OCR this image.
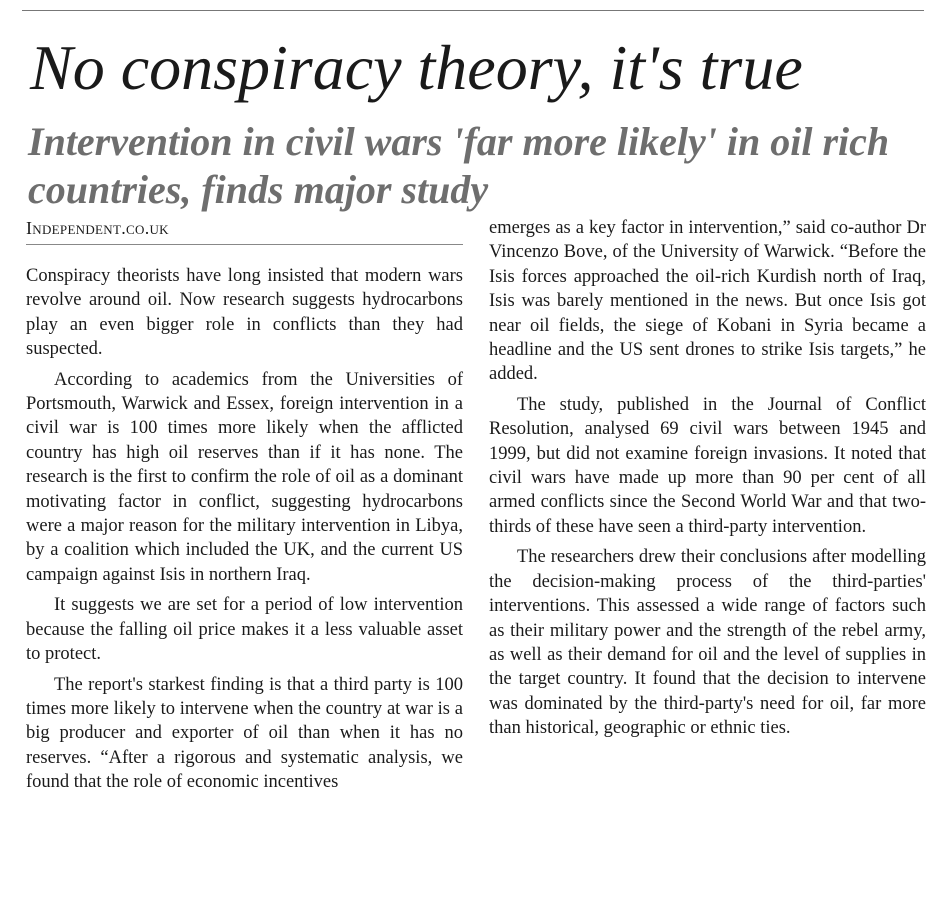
No conspiracy theory, it's true
Intervention in civil wars 'far more likely' in oil rich countries, finds major study
Independent.co.uk

Conspiracy theorists have long insisted that modern wars revolve around oil. Now research suggests hydrocarbons play an even bigger role in conflicts than they had suspected.

According to academics from the Universities of Portsmouth, Warwick and Essex, foreign intervention in a civil war is 100 times more likely when the afflicted country has high oil reserves than if it has none. The research is the first to confirm the role of oil as a dominant motivating factor in conflict, suggesting hydrocarbons were a major reason for the military intervention in Libya, by a coalition which included the UK, and the current US campaign against Isis in northern Iraq.

It suggests we are set for a period of low intervention because the falling oil price makes it a less valuable asset to protect.

The report's starkest finding is that a third party is 100 times more likely to intervene when the country at war is a big producer and exporter of oil than when it has no reserves. “After a rigorous and systematic analysis, we found that the role of economic incentives

emerges as a key factor in intervention,” said co-author Dr Vincenzo Bove, of the University of Warwick. “Before the Isis forces approached the oil-rich Kurdish north of Iraq, Isis was barely mentioned in the news. But once Isis got near oil fields, the siege of Kobani in Syria became a headline and the US sent drones to strike Isis targets,” he added.

The study, published in the Journal of Conflict Resolution, analysed 69 civil wars between 1945 and 1999, but did not examine foreign invasions. It noted that civil wars have made up more than 90 per cent of all armed conflicts since the Second World War and that two-thirds of these have seen a third-party intervention.

The researchers drew their conclusions after modelling the decision-making process of the third-parties' interventions. This assessed a wide range of factors such as their military power and the strength of the rebel army, as well as their demand for oil and the level of supplies in the target country. It found that the decision to intervene was dominated by the third-party's need for oil, far more than historical, geographic or ethnic ties.
